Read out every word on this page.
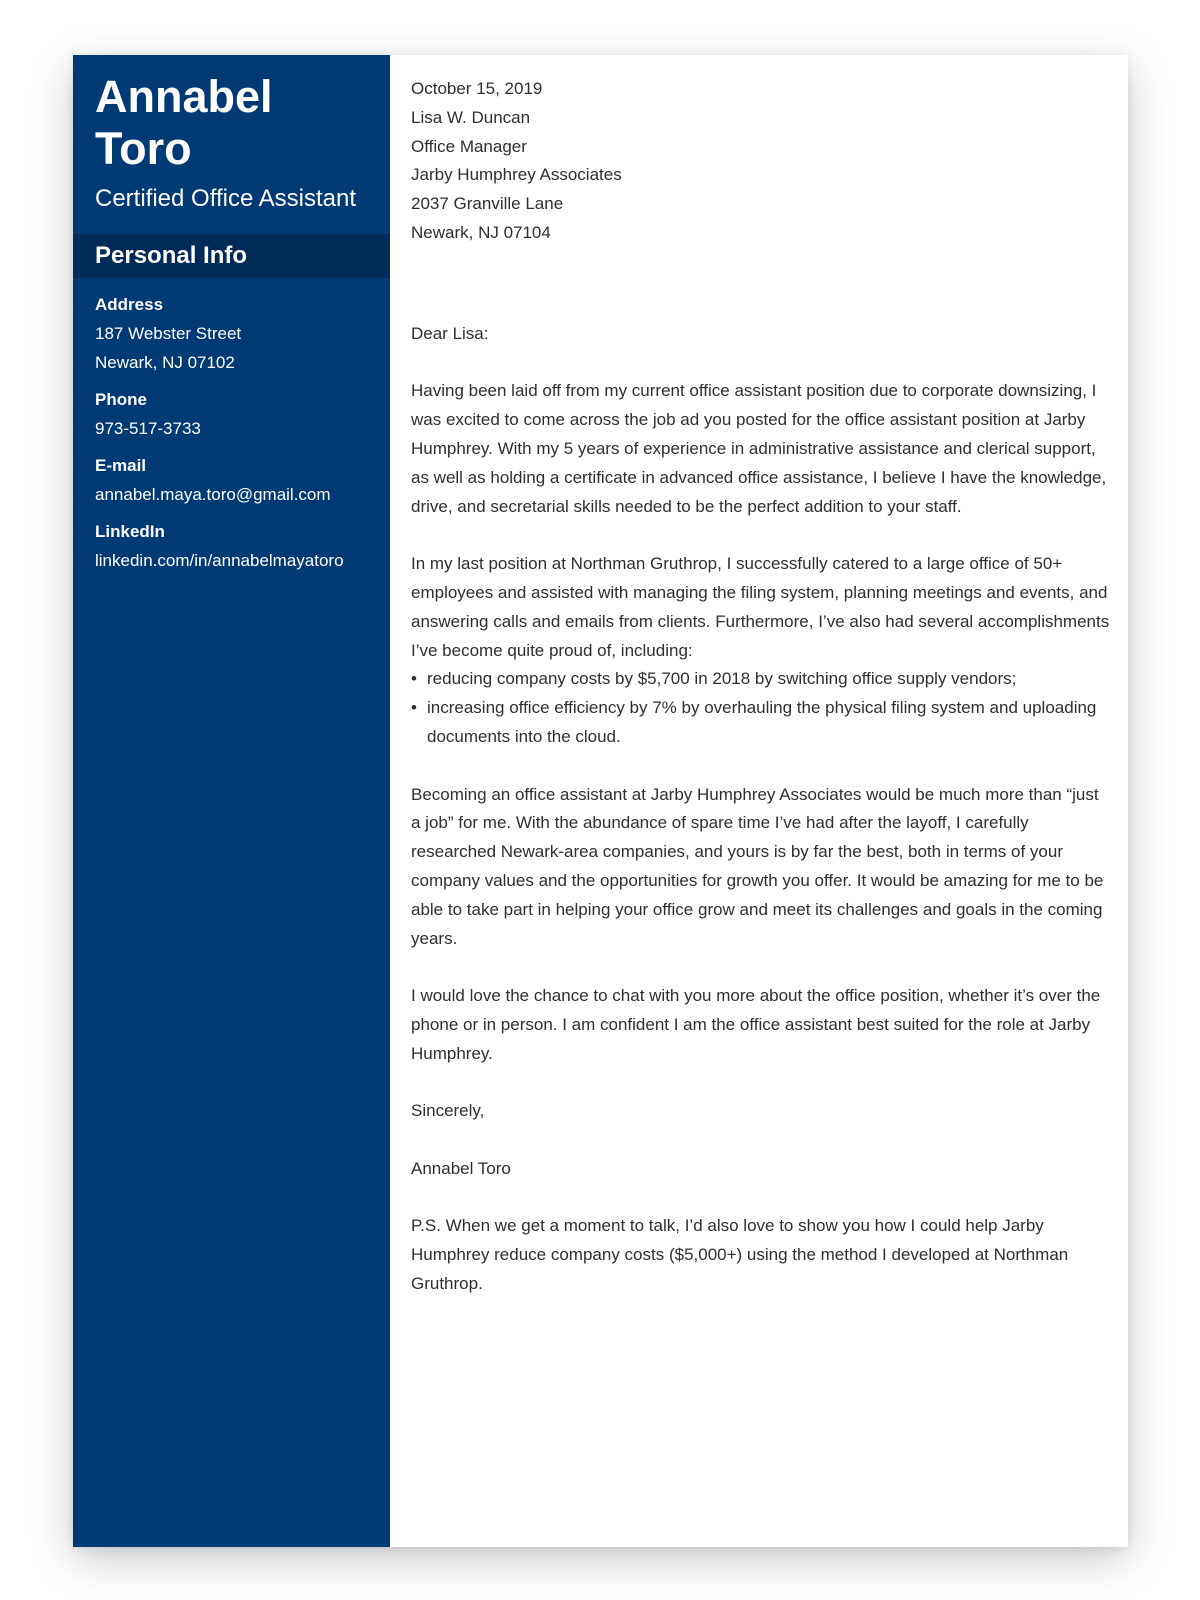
Annabel
Toro
Certified Office Assistant
Personal Info
Address
187 Webster Street
Newark, NJ 07102
Phone
973-517-3733
E-mail
annabel.maya.toro@gmail.com
LinkedIn
linkedin.com/in/annabelmayatoro

October 15, 2019

Lisa W. Duncan

Office Manager

Jarby Humphrey Associates

2037 Granville Lane

Newark, NJ 07104

Dear Lisa:

Having been laid off from my current office assistant position due to corporate downsizing, I was excited to come across the job ad you posted for the office assistant position at Jarby Humphrey. With my 5 years of experience in administrative assistance and clerical support, as well as holding a certificate in advanced office assistance, I believe I have the knowledge, drive, and secretarial skills needed to be the perfect addition to your staff.

In my last position at Northman Gruthrop, I successfully catered to a large office of 50+ employees and assisted with managing the filing system, planning meetings and events, and answering calls and emails from clients. Furthermore, I’ve also had several accomplishments I’ve become quite proud of, including:

• reducing company costs by $5,700 in 2018 by switching office supply vendors;
• increasing office efficiency by 7% by overhauling the physical filing system and uploading documents into the cloud.

Becoming an office assistant at Jarby Humphrey Associates would be much more than “just a job” for me. With the abundance of spare time I’ve had after the layoff, I carefully researched Newark-area companies, and yours is by far the best, both in terms of your company values and the opportunities for growth you offer. It would be amazing for me to be able to take part in helping your office grow and meet its challenges and goals in the coming years.

I would love the chance to chat with you more about the office position, whether it’s over the phone or in person. I am confident I am the office assistant best suited for the role at Jarby Humphrey.

Sincerely,

Annabel Toro

P.S. When we get a moment to talk, I’d also love to show you how I could help Jarby Humphrey reduce company costs ($5,000+) using the method I developed at Northman Gruthrop.
